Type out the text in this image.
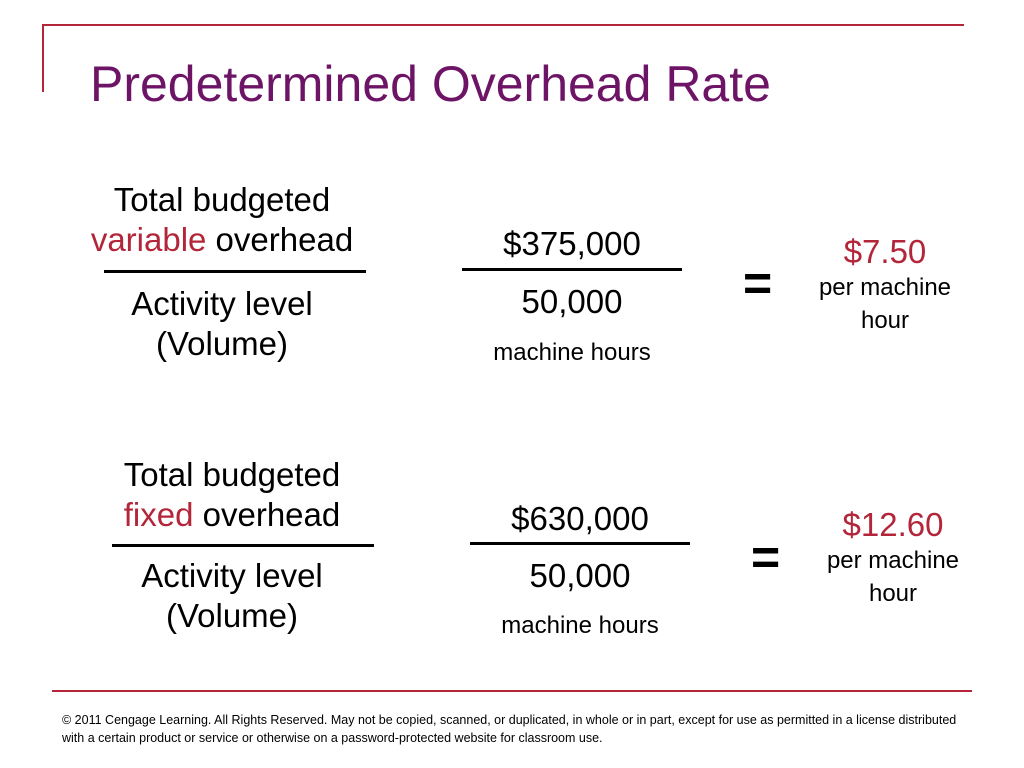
Predetermined Overhead Rate
Total budgeted
variable overhead
Activity level
(Volume)
$375,000
50,000
machine hours
=
$7.50
per machine
hour
Total budgeted
fixed overhead
Activity level
(Volume)
$630,000
50,000
machine hours
=
$12.60
per machine
hour
© 2011 Cengage Learning. All Rights Reserved. May not be copied, scanned, or duplicated, in whole or in part, except for use as permitted in a license distributed with a certain product or service or otherwise on a password-protected website for classroom use.
